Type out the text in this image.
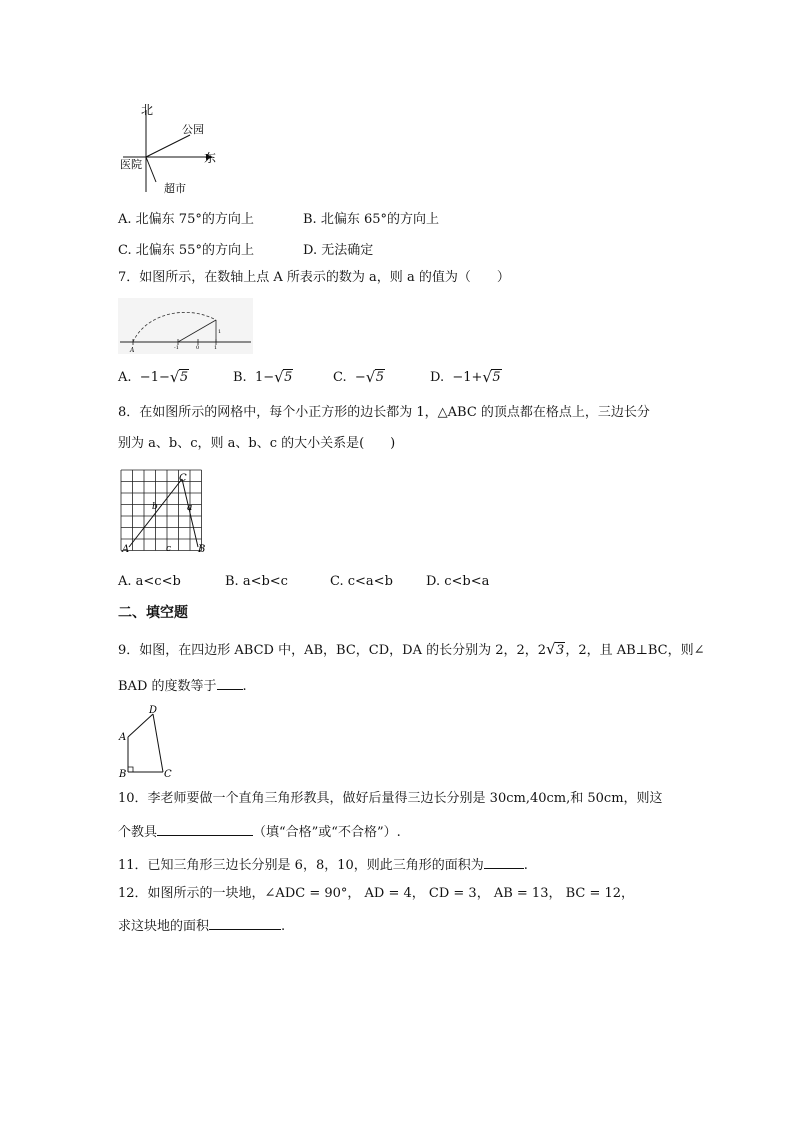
北
东
公园
医院
超市
A. 北偏东 75°的方向上	B. 北偏东 65°的方向上
C. 北偏东 55°的方向上	D. 无法确定
7．如图所示，在数轴上点 A 所表示的数为 a，则 a 的值为（　　）
A	-1	0	1
1
A. −1− √ 5	B. 1− √ 5	C. − √ 5	D. −1+ √ 5
8．在如图所示的网格中，每个小正方形的边长都为 1，△ABC 的顶点都在格点上，三边长分
别为 a、b、c，则 a、b、c 的大小关系是(　　)
A	B
C
a
b
c
A. a<c<b	B. a<b<c	C. c<a<b	D. c<b<a
二、填空题
9．如图，在四边形 ABCD 中，AB，BC，CD，DA 的长分别为 2，2，2 √ 3，2，且 AB⊥BC，则∠
BAD 的度数等于 .
A
B	C
D
10．李老师要做一个直角三角形教具，做好后量得三边长分别是 30cm,40cm,和 50cm，则这
个教具	（填“合格”或“不合格”）.
11．已知三角形三边长分别是 6，8，10，则此三角形的面积为	.
12．如图所示的一块地，∠ADC = 90°， AD = 4， CD = 3， AB = 13， BC = 12，
求这块地的面积	.
